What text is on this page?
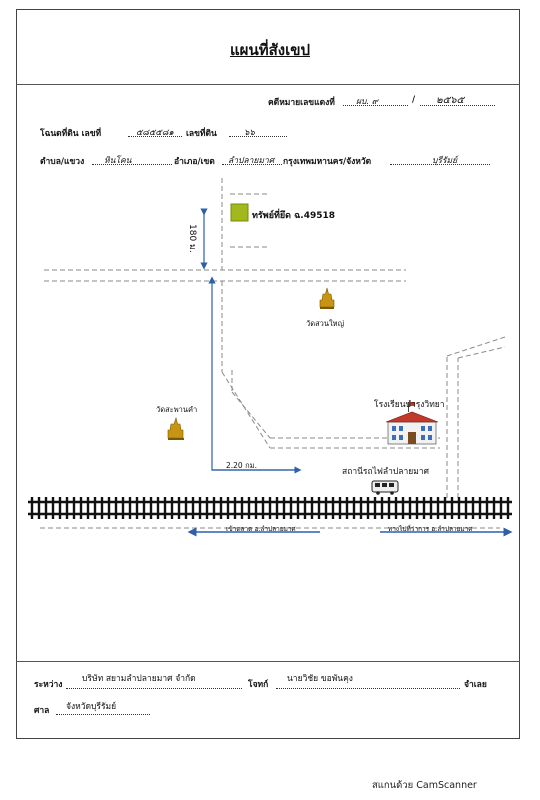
แผนที่สังเขป
คดีหมายเลขแดงที่ ผบ. ๙	/ ๒๕๖๕
โฉนดที่ดิน เลขที่	๕๘๕๕๘๑ เลขที่ดิน	๖๖
ตำบล/แขวง หินโคน	อำเภอ/เขต ลำปลายมาศ กรุงเทพมหานคร/จังหวัด	บุรีรัมย์
ทรัพย์ที่ยึด ฉ.49518
180 ม.
วัดสวนใหญ่
วัดสะพานคำ	โรงเรียนบำรุงวิทยา
2.20 กม.
สถานีรถไฟลำปลายมาศ
เข้าตลาด อ.ลำปลายมาศ	ทางไปที่ว่าการ อ.ลำปลายมาศ
ระหว่าง
บริษัท สยามลำปลายมาศ จำกัด
โจทก์
นายวิชัย ขอพันคุง
จำเลย
ศาล จังหวัดบุรีรัมย์
สแกนด้วย CamScanner
